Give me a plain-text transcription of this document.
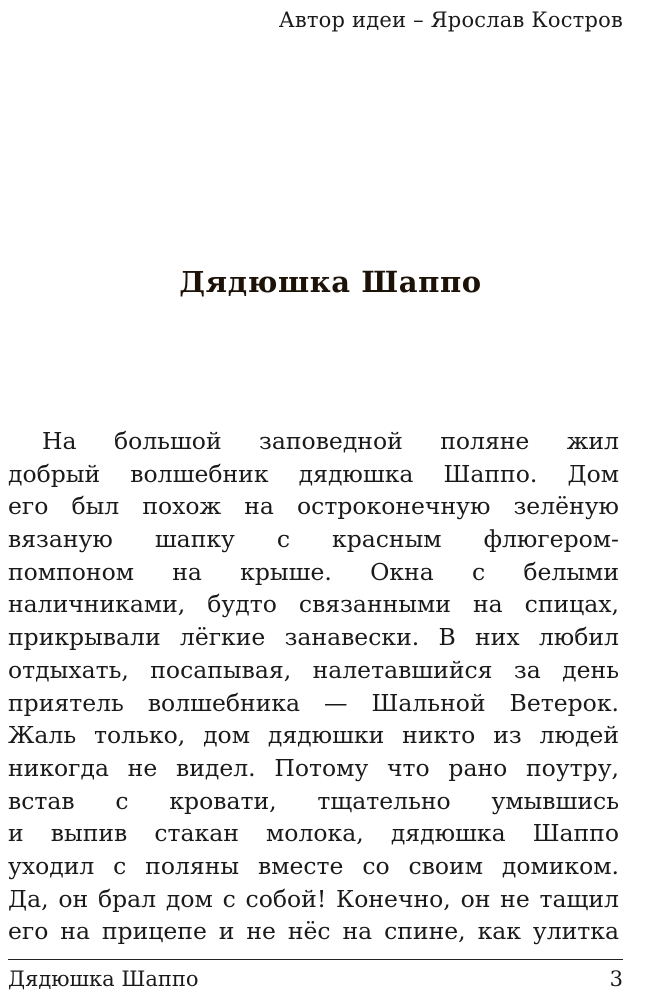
Автор идеи – Ярослав Костров
Дядюшка Шаппо
На большой заповедной поляне жил
добрый волшебник дядюшка Шаппо. Дом
его был похож на остроконечную зелёную
вязаную шапку с красным флюгером-
помпоном на крыше. Окна с белыми
наличниками, будто связанными на спицах,
прикрывали лёгкие занавески. В них любил
отдыхать, посапывая, налетавшийся за день
приятель волшебника — Шальной Ветерок.
Жаль только, дом дядюшки никто из людей
никогда не видел. Потому что рано поутру,
встав с кровати, тщательно умывшись
и выпив стакан молока, дядюшка Шаппо
уходил с поляны вместе со своим домиком.
Да, он брал дом с собой! Конечно, он не тащил
его на прицепе и не нёс на спине, как улитка
Дядюшка Шаппо	3
